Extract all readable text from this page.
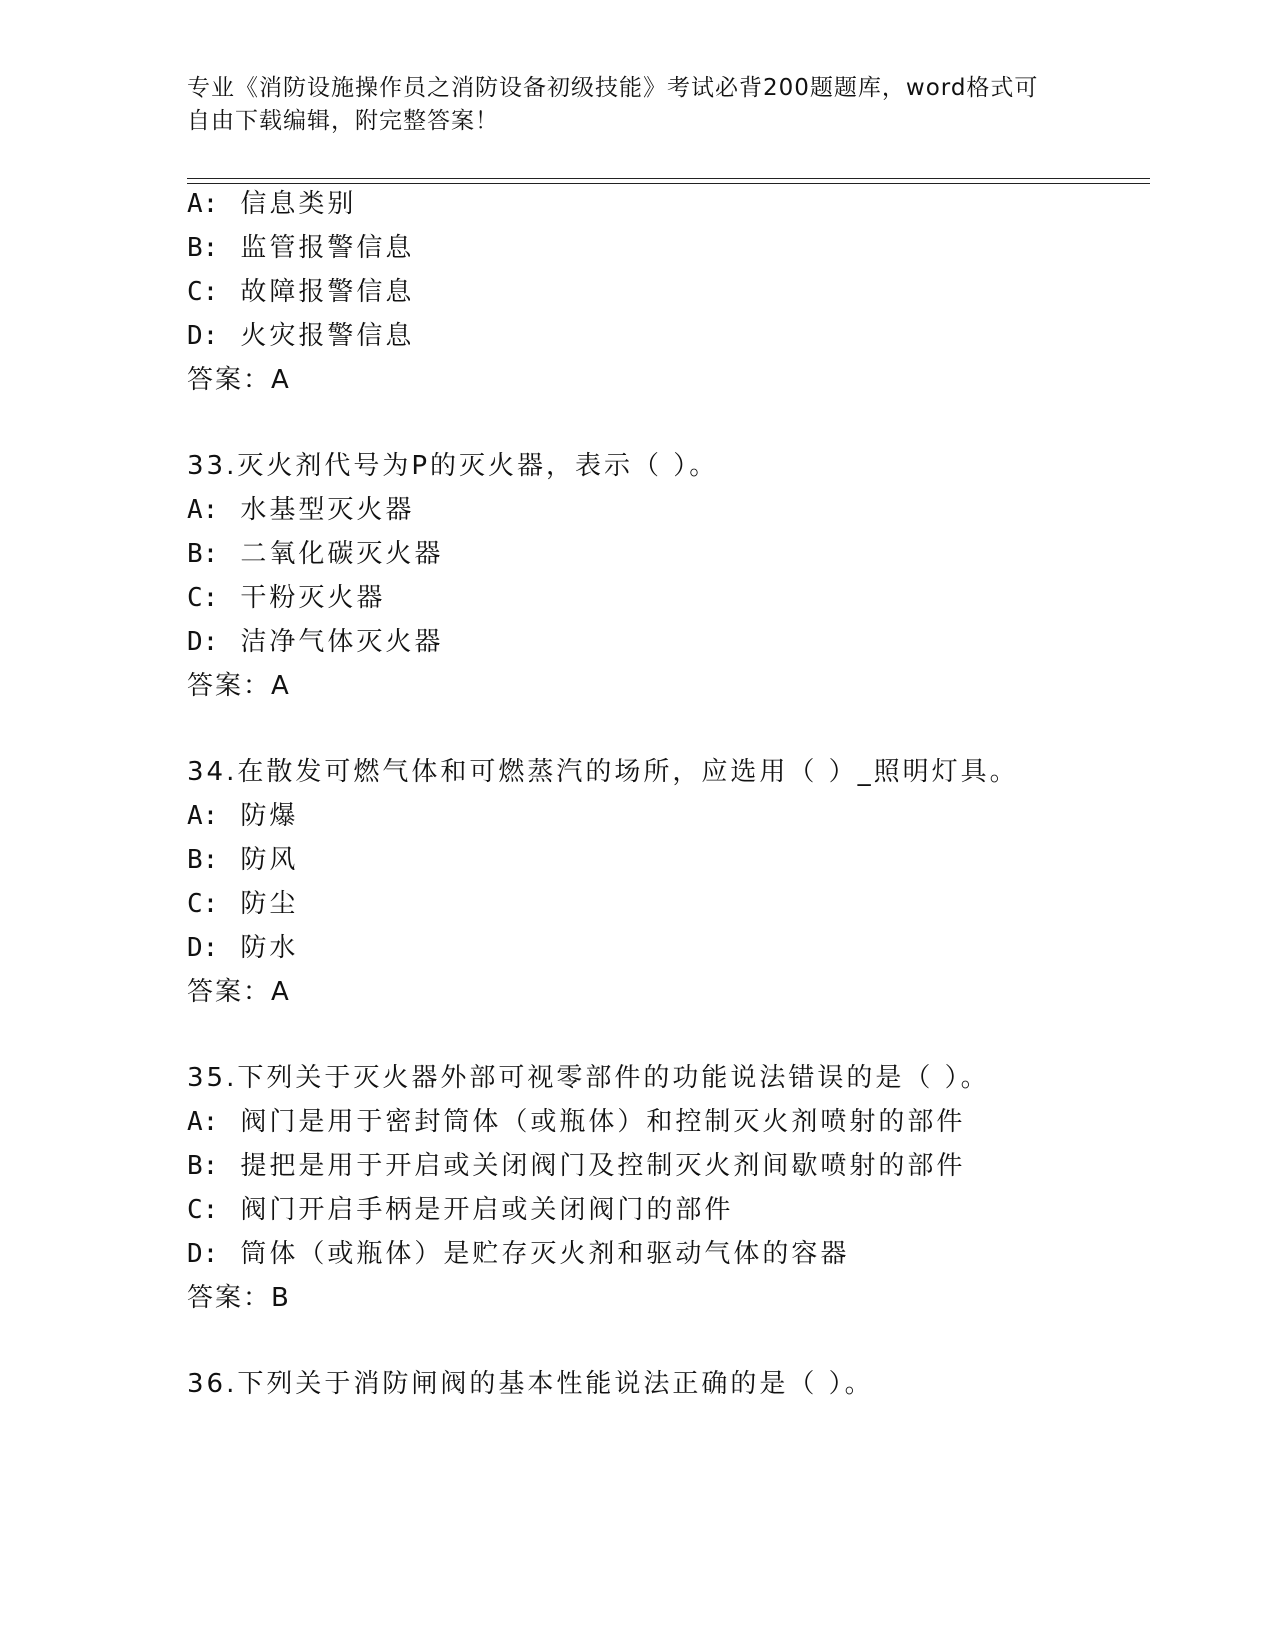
专业《消防设施操作员之消防设备初级技能》考试必背200题题库，word格式可
自由下载编辑，附完整答案！
A: 信息类别
B: 监管报警信息
C: 故障报警信息
D: 火灾报警信息
答案：A
33.灭火剂代号为P的灭火器，表示（ ）。
A: 水基型灭火器
B: 二氧化碳灭火器
C: 干粉灭火器
D: 洁净气体灭火器
答案：A
34.在散发可燃气体和可燃蒸汽的场所，应选用（ ）_照明灯具。
A: 防爆
B: 防风
C: 防尘
D: 防水
答案：A
35.下列关于灭火器外部可视零部件的功能说法错误的是（ ）。
A: 阀门是用于密封筒体（或瓶体）和控制灭火剂喷射的部件
B: 提把是用于开启或关闭阀门及控制灭火剂间歇喷射的部件
C: 阀门开启手柄是开启或关闭阀门的部件
D: 筒体（或瓶体）是贮存灭火剂和驱动气体的容器
答案：B
36.下列关于消防闸阀的基本性能说法正确的是（ ）。
